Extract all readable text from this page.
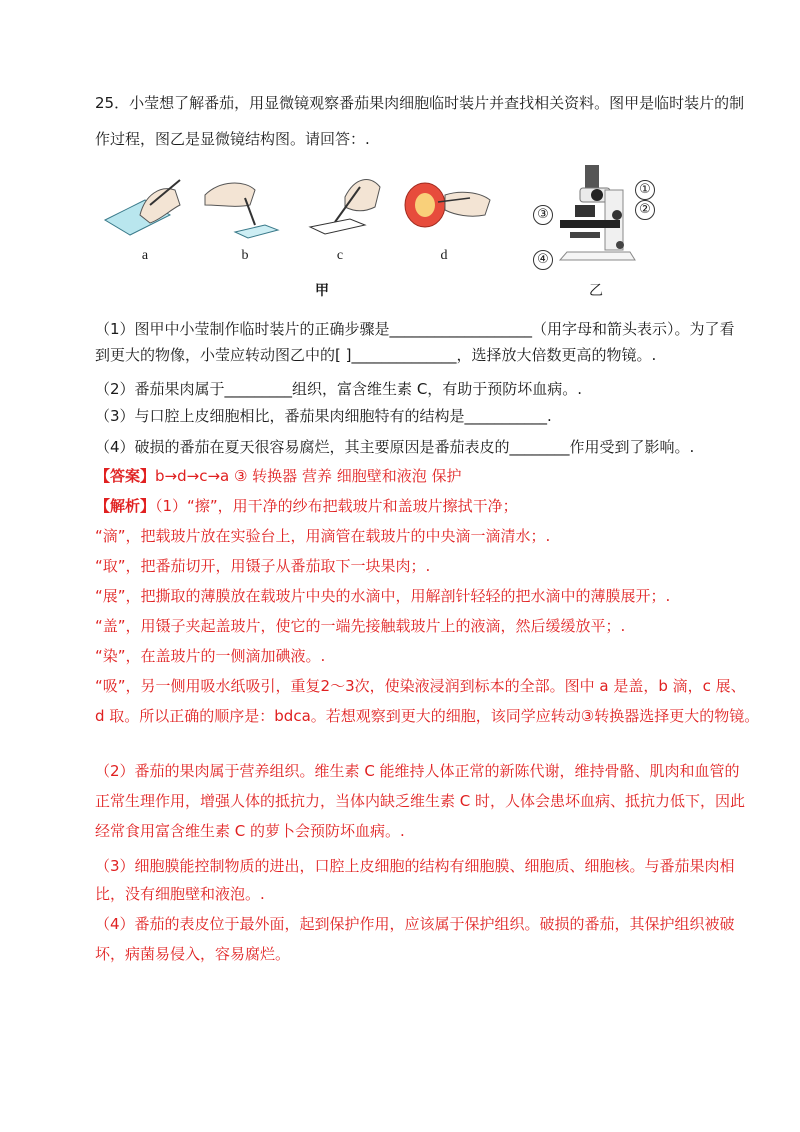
25．小莹想了解番茄，用显微镜观察番茄果肉细胞临时装片并查找相关资料。图甲是临时装片的制
作过程，图乙是显微镜结构图。请回答：.
①
②
③
④
a	b	c	d
甲	乙
（1）图甲中小莹制作临时装片的正确步骤是___________________（用字母和箭头表示）。为了看
到更大的物像，小莹应转动图乙中的[ ]______________，选择放大倍数更高的物镜。.
（2）番茄果肉属于_________组织，富含维生素 C，有助于预防坏血病。.
（3）与口腔上皮细胞相比，番茄果肉细胞特有的结构是___________.
（4）破损的番茄在夏天很容易腐烂，其主要原因是番茄表皮的________作用受到了影响。.
【答案】b→d→c→a ③ 转换器 营养 细胞壁和液泡 保护
【解析】（1）“擦”，用干净的纱布把载玻片和盖玻片擦拭干净；
“滴”，把载玻片放在实验台上，用滴管在载玻片的中央滴一滴清水；.
“取”，把番茄切开，用镊子从番茄取下一块果肉；.
“展”，把撕取的薄膜放在载玻片中央的水滴中，用解剖针轻轻的把水滴中的薄膜展开；.
“盖”，用镊子夹起盖玻片，使它的一端先接触载玻片上的液滴，然后缓缓放平；.
“染”，在盖玻片的一侧滴加碘液。.
“吸”，另一侧用吸水纸吸引，重复2～3次，使染液浸润到标本的全部。图中 a 是盖，b 滴，c 展、
d 取。所以正确的顺序是：bdca。若想观察到更大的细胞，该同学应转动③转换器选择更大的物镜。
（2）番茄的果肉属于营养组织。维生素 C 能维持人体正常的新陈代谢，维持骨骼、肌肉和血管的
正常生理作用，增强人体的抵抗力，当体内缺乏维生素 C 时，人体会患坏血病、抵抗力低下，因此
经常食用富含维生素 C 的萝卜会预防坏血病。.
（3）细胞膜能控制物质的进出，口腔上皮细胞的结构有细胞膜、细胞质、细胞核。与番茄果肉相
比，没有细胞壁和液泡。.
（4）番茄的表皮位于最外面，起到保护作用，应该属于保护组织。破损的番茄，其保护组织被破
坏，病菌易侵入，容易腐烂。
